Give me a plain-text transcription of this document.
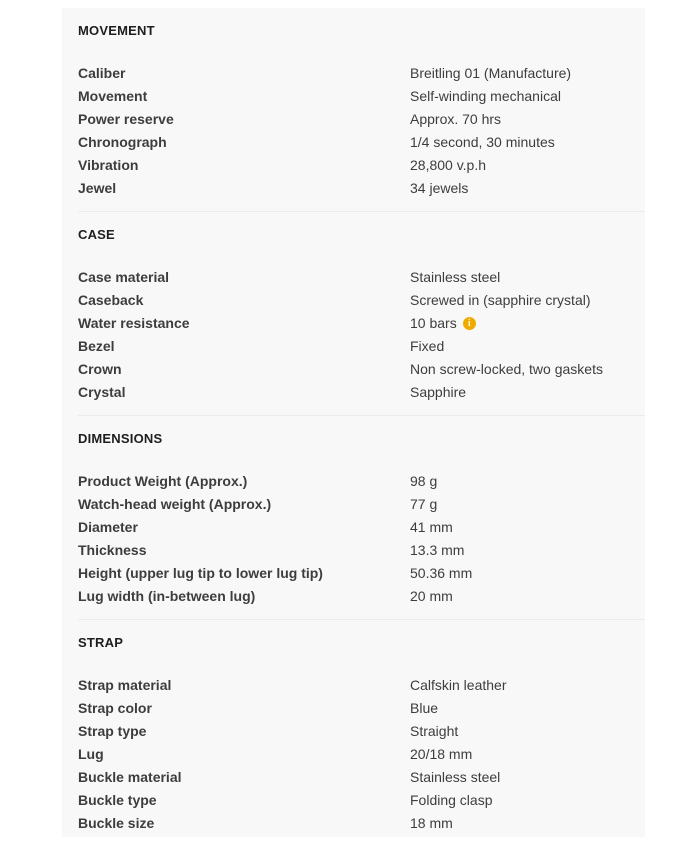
MOVEMENT
Caliber	Breitling 01 (Manufacture)
Movement	Self-winding mechanical
Power reserve	Approx. 70 hrs
Chronograph	1/4 second, 30 minutes
Vibration	28,800 v.p.h
Jewel	34 jewels
CASE
Case material	Stainless steel
Caseback	Screwed in (sapphire crystal)
Water resistance	10 bars	i
Bezel	Fixed
Crown	Non screw-locked, two gaskets
Crystal	Sapphire
DIMENSIONS
Product Weight (Approx.)	98 g
Watch-head weight (Approx.)	77 g
Diameter	41 mm
Thickness	13.3 mm
Height (upper lug tip to lower lug tip)	50.36 mm
Lug width (in-between lug)	20 mm
STRAP
Strap material	Calfskin leather
Strap color	Blue
Strap type	Straight
Lug	20/18 mm
Buckle material	Stainless steel
Buckle type	Folding clasp
Buckle size	18 mm
